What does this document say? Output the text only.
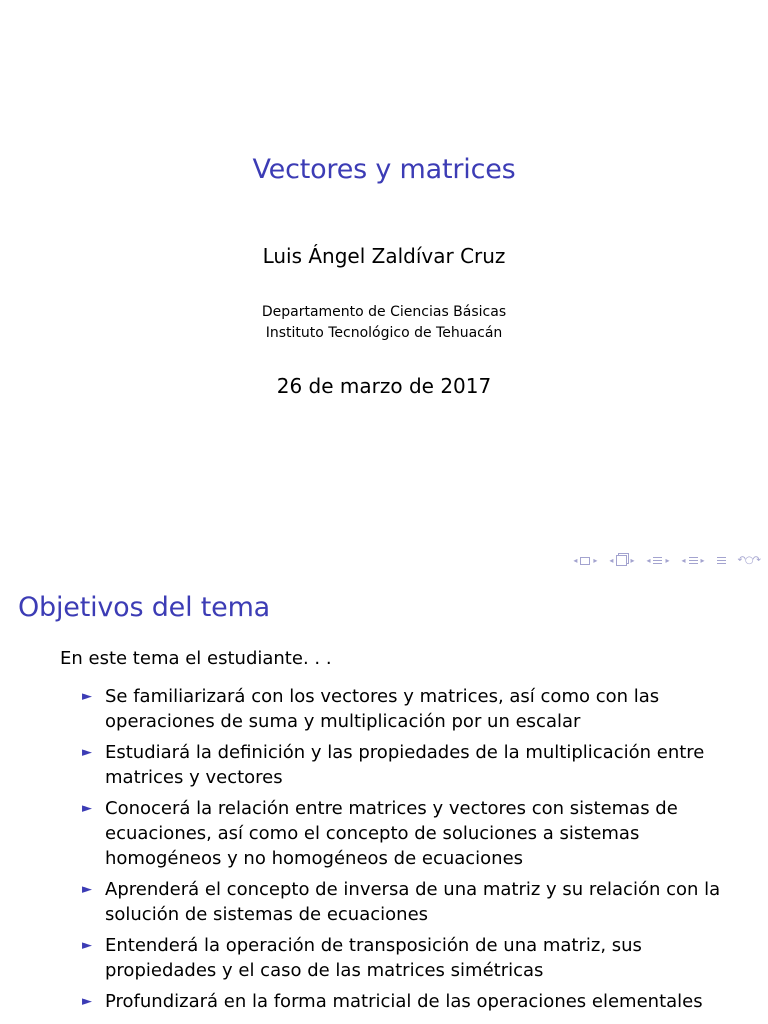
Vectores y matrices
Luis Ángel Zaldívar Cruz
Departamento de Ciencias Básicas
Instituto Tecnológico de Tehuacán
26 de marzo de 2017
◂ ▸ ◂ ▸ ◂ ▸ ◂ ▸	↶○↷
Objetivos del tema
En este tema el estudiante. . .
► Se familiarizará con los vectores y matrices, así como con las operaciones de suma y multiplicación por un escalar
► Estudiará la definición y las propiedades de la multiplicación entre matrices y vectores
► Conocerá la relación entre matrices y vectores con sistemas de ecuaciones, así como el concepto de soluciones a sistemas homogéneos y no homogéneos de ecuaciones
► Aprenderá el concepto de inversa de una matriz y su relación con la solución de sistemas de ecuaciones
► Entenderá la operación de transposición de una matriz, sus propiedades y el caso de las matrices simétricas
► Profundizará en la forma matricial de las operaciones elementales
